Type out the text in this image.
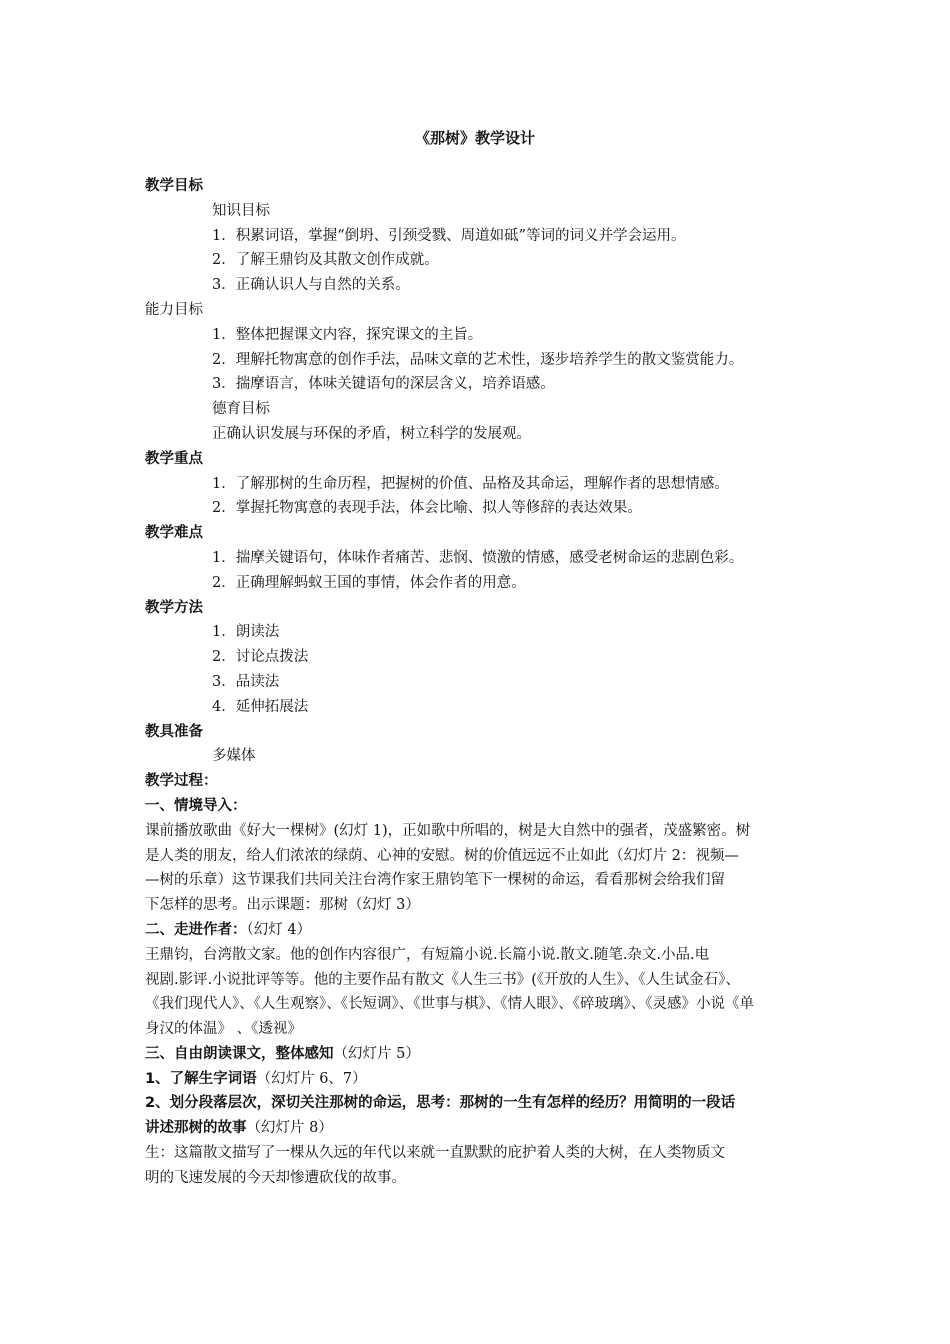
《那树》教学设计
教学目标
知识目标
1．积累词语，掌握“倒坍、引颈受戮、周道如砥”等词的词义并学会运用。
2．了解王鼎钧及其散文创作成就。
3．正确认识人与自然的关系。
能力目标
1．整体把握课文内容，探究课文的主旨。
2．理解托物寓意的创作手法，品味文章的艺术性，逐步培养学生的散文鉴赏能力。
3．揣摩语言，体味关键语句的深层含义，培养语感。
德育目标
正确认识发展与环保的矛盾，树立科学的发展观。
教学重点
1．了解那树的生命历程，把握树的价值、品格及其命运，理解作者的思想情感。
2．掌握托物寓意的表现手法，体会比喻、拟人等修辞的表达效果。
教学难点
1．揣摩关键语句，体味作者痛苦、悲悯、愤激的情感，感受老树命运的悲剧色彩。
2．正确理解蚂蚁王国的事情，体会作者的用意。
教学方法
1．朗读法
2．讨论点拨法
3．品读法
4．延伸拓展法
教具准备
多媒体
教学过程：
一、情境导入：
课前播放歌曲《好大一棵树》(幻灯 1)，正如歌中所唱的，树是大自然中的强者，茂盛繁密。树
是人类的朋友，给人们浓浓的绿荫、心神的安慰。树的价值远远不止如此（幻灯片 2：视频—
—树的乐章）这节课我们共同关注台湾作家王鼎钧笔下一棵树的命运，看看那树会给我们留
下怎样的思考。出示课题：那树（幻灯 3）
二、走进作者：（幻灯 4）
王鼎钧，台湾散文家。他的创作内容很广，有短篇小说.长篇小说.散文.随笔.杂文.小品.电
视剧.影评.小说批评等等。他的主要作品有散文《人生三书》(《开放的人生》、《人生试金石》、
《我们现代人》、《人生观察》、《长短调》、《世事与棋》、《情人眼》、《碎玻璃》、《灵感》小说《单
身汉的体温》 、《透视》
三、自由朗读课文，整体感知（幻灯片 5）
1、了解生字词语（幻灯片 6、7）
2、划分段落层次，深切关注那树的命运，思考：那树的一生有怎样的经历？用简明的一段话
讲述那树的故事（幻灯片 8）
生：这篇散文描写了一棵从久远的年代以来就一直默默的庇护着人类的大树，在人类物质文
明的飞速发展的今天却惨遭砍伐的故事。
